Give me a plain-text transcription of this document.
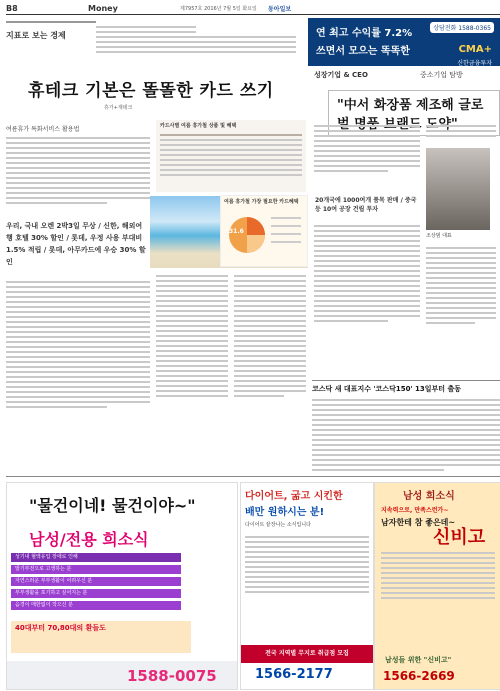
B8	Money	제7957호 2016년 7월 5일 화요일 동아일보
지표로 보는 경제
상담전화 1588-0365
연 최고 수익률 7.2%
쓰면서 모으는 똑똑한	CMA+
신한금융투자
휴테크 기본은 똘똘한 카드 쓰기
휴가+재테크
여름휴가 특화서비스 활용법
우리, 국내 오렌 2박3일 무상 / 신한, 해외여행 호텔 30% 할인 / 롯데, 우정 사용 부대비 1.5% 적립 / 롯데, 아무카드에 우승 30% 할인
카드사별 여름 휴가철 상품 및 혜택
여름 휴가철 가장 필요한 카드혜택
31.6
성장기업 & CEO	중소기업 탐방
"中서 화장품 제조해 글로
조상범 대표
20개국에 1000여개 품목 판매 / 중국 등 10여 공장 건립 투자
코스닥 새 대표지수 '코스닥150' 13일부터 출동
"물건이네! 물건이야~"
남성/전용 희소식
성기내 혈액유입 장애로 인해
발기부전으로 고생하는 분
자연스러운 부부생활이 어려우신 분
부부생활을 포기하고 싶어지는 분
음경이 매한없이 작으신 분
40대부터 70,80대의 환들도
1588-0075
다이어트, 굶고 시킨한
배만 원하시는 분!
다이어트 끝장나는 소식입니다
전국 지역별 무지로 취급점 모집
1566-2177
남성 희소식
지속력으로, 만족스런가~
남자한테 참 좋은데~
신비고
남성들 위한 "신비고"
1566-2669
